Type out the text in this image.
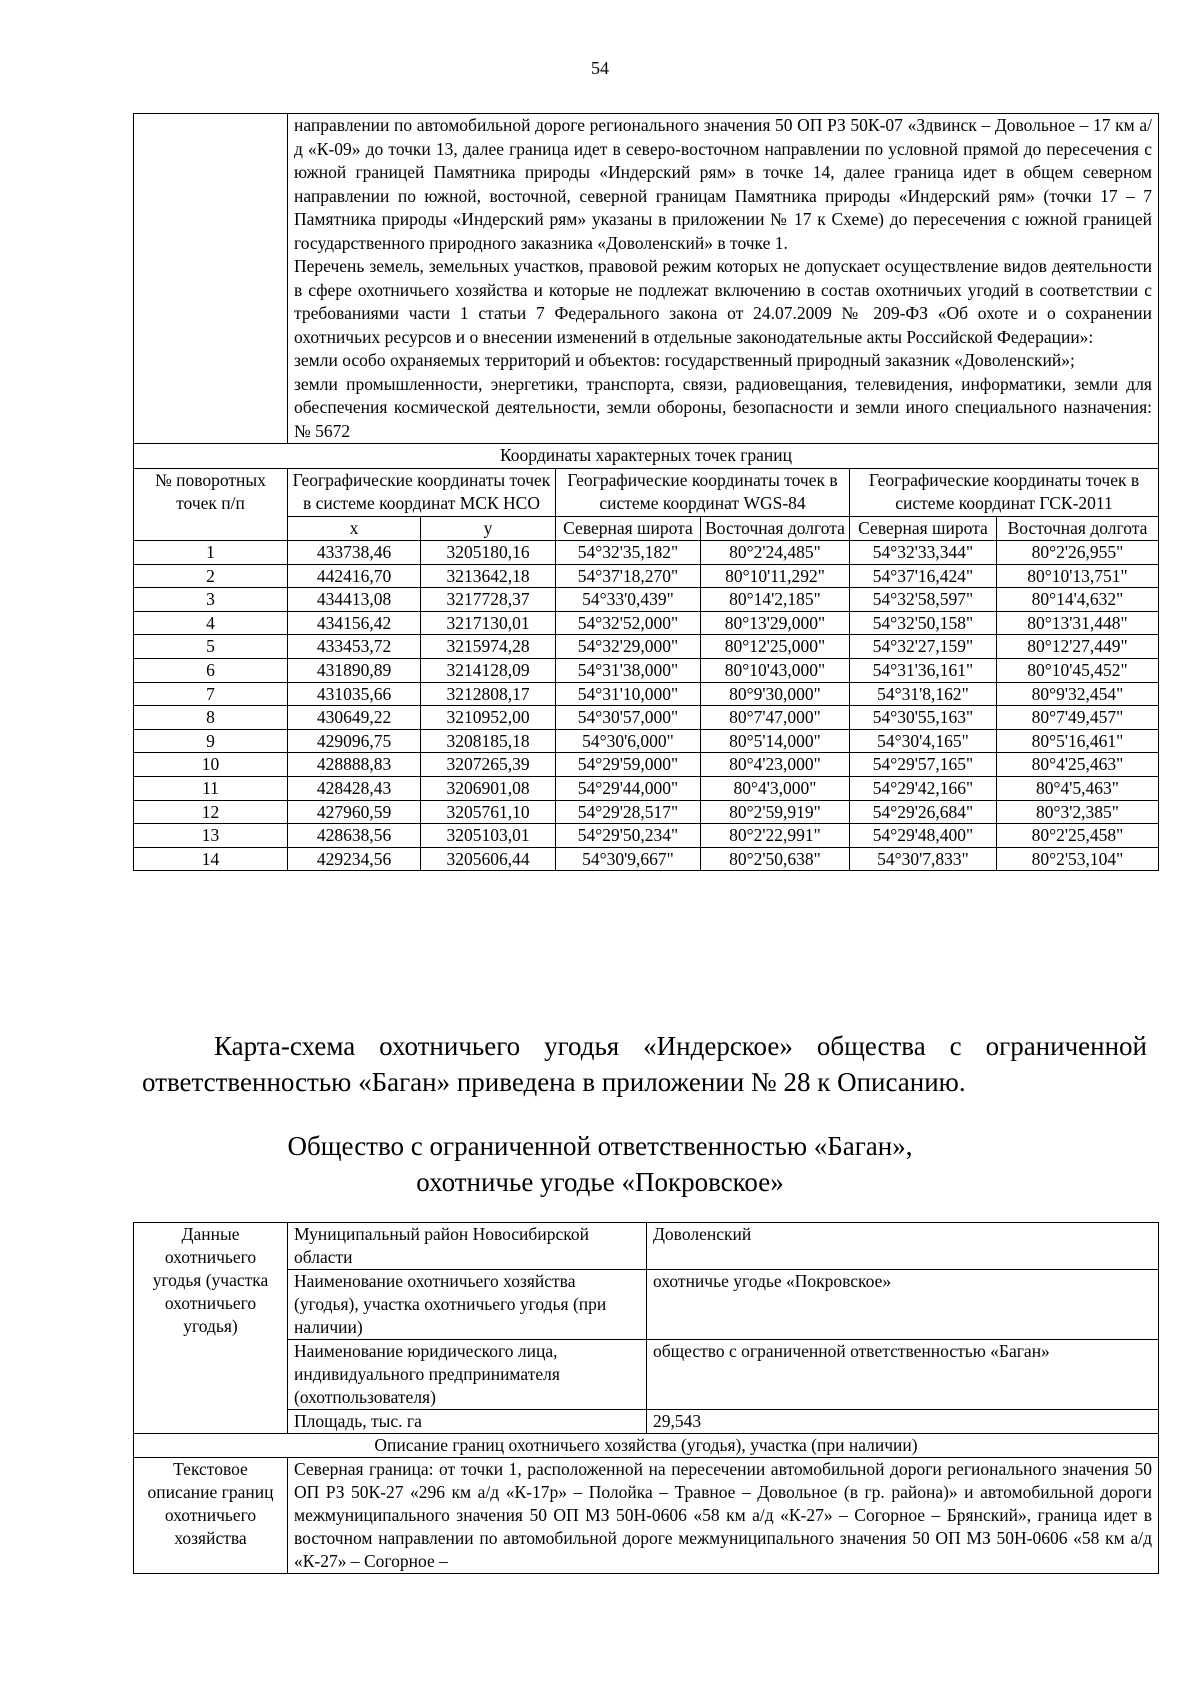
54

	направлении по автомобильной дороге регионального значения 50 ОП РЗ 50К-07 «Здвинск – Довольное – 17 км а/д «К-09» до точки 13, далее граница идет в северо-восточном направлении по условной прямой до пересечения с южной границей Памятника природы «Индерский рям» в точке 14, далее граница идет в общем северном направлении по южной, восточной, северной границам Памятника природы «Индерский рям» (точки 17 – 7 Памятника природы «Индерский рям» указаны в приложении № 17 к Схеме) до пересечения с южной границей государственного природного заказника «Доволенский» в точке 1.
Перечень земель, земельных участков, правовой режим которых не допускает осуществление видов деятельности в сфере охотничьего хозяйства и которые не подлежат включению в состав охотничьих угодий в соответствии с требованиями части 1 статьи 7 Федерального закона от 24.07.2009 № 209-ФЗ «Об охоте и о сохранении охотничьих ресурсов и о внесении изменений в отдельные законодательные акты Российской Федерации»:
земли особо охраняемых территорий и объектов: государственный природный заказник «Доволенский»;
земли промышленности, энергетики, транспорта, связи, радиовещания, телевидения, информатики, земли для обеспечения космической деятельности, земли обороны, безопасности и земли иного специального назначения: № 5672					

Координаты характерных точек границ						
№ поворотных точек п/п	Географические координаты точек в системе координат МСК НСО		Географические координаты точек в системе координат WGS-84		Географические координаты точек в системе координат ГСК-2011	
	x	y	Северная широта	Восточная долгота	Северная широта	Восточная долгота
1	433738,46	3205180,16	54°32'35,182"	80°2'24,485"	54°32'33,344"	80°2'26,955"
2	442416,70	3213642,18	54°37'18,270"	80°10'11,292"	54°37'16,424"	80°10'13,751"
3	434413,08	3217728,37	54°33'0,439"	80°14'2,185"	54°32'58,597"	80°14'4,632"
4	434156,42	3217130,01	54°32'52,000"	80°13'29,000"	54°32'50,158"	80°13'31,448"
5	433453,72	3215974,28	54°32'29,000"	80°12'25,000"	54°32'27,159"	80°12'27,449"
6	431890,89	3214128,09	54°31'38,000"	80°10'43,000"	54°31'36,161"	80°10'45,452"
7	431035,66	3212808,17	54°31'10,000"	80°9'30,000"	54°31'8,162"	80°9'32,454"
8	430649,22	3210952,00	54°30'57,000"	80°7'47,000"	54°30'55,163"	80°7'49,457"
9	429096,75	3208185,18	54°30'6,000"	80°5'14,000"	54°30'4,165"	80°5'16,461"
10	428888,83	3207265,39	54°29'59,000"	80°4'23,000"	54°29'57,165"	80°4'25,463"
11	428428,43	3206901,08	54°29'44,000"	80°4'3,000"	54°29'42,166"	80°4'5,463"
12	427960,59	3205761,10	54°29'28,517"	80°2'59,919"	54°29'26,684"	80°3'2,385"
13	428638,56	3205103,01	54°29'50,234"	80°2'22,991"	54°29'48,400"	80°2'25,458"
14	429234,56	3205606,44	54°30'9,667"	80°2'50,638"	54°30'7,833"	80°2'53,104"
Карта-схема охотничьего угодья «Индерское» общества с ограниченной ответственностью «Баган» приведена в приложении № 28 к Описанию.
Общество с ограниченной ответственностью «Баган»,
охотничье угодье «Покровское»
Данные охотничьего угодья (участка охотничьего угодья)	Муниципальный район Новосибирской области	Доволенский
	Наименование охотничьего хозяйства (угодья), участка охотничьего угодья (при наличии)	охотничье угодье «Покровское»
	Наименование юридического лица, индивидуального предпринимателя (охотпользователя)	общество с ограниченной ответственностью «Баган»
	Площадь, тыс. га	29,543
Описание границ охотничьего хозяйства (угодья), участка (при наличии)		
Текстовое описание границ охотничьего хозяйства	Северная граница: от точки 1, расположенной на пересечении автомобильной дороги регионального значения 50 ОП РЗ 50К-27 «296 км а/д «К-17р» – Полойка – Травное – Довольное (в гр. района)» и автомобильной дороги межмуниципального значения 50 ОП МЗ 50Н-0606 «58 км а/д «К-27» – Согорное – Брянский», граница идет в восточном направлении по автомобильной дороге межмуниципального значения 50 ОП МЗ 50Н-0606 «58 км а/д «К-27» – Согорное –	
